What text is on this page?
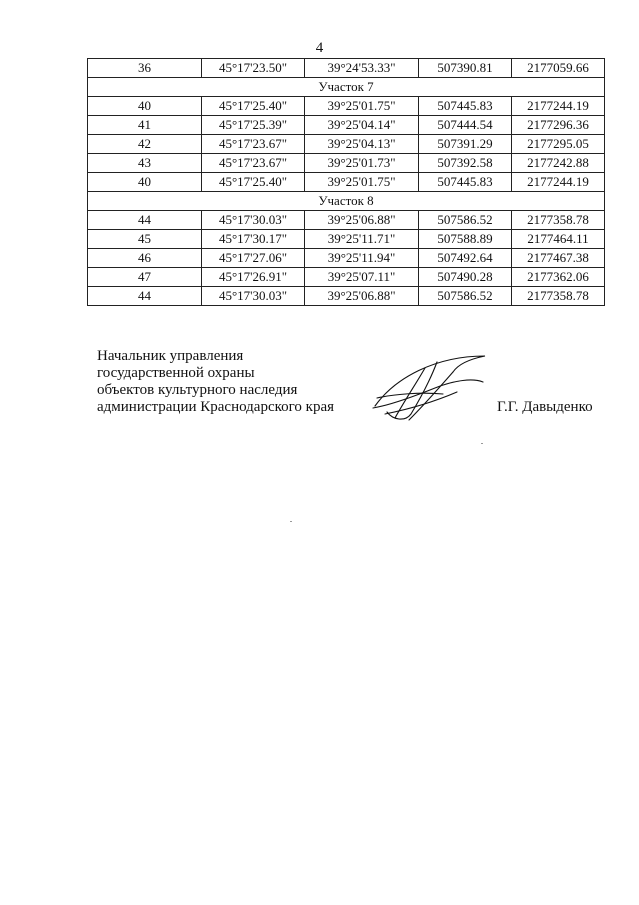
4
36	45°17'23.50"	39°24'53.33"	507390.81	2177059.66
Участок 7				
40	45°17'25.40"	39°25'01.75"	507445.83	2177244.19
41	45°17'25.39"	39°25'04.14"	507444.54	2177296.36
42	45°17'23.67"	39°25'04.13"	507391.29	2177295.05
43	45°17'23.67"	39°25'01.73"	507392.58	2177242.88
40	45°17'25.40"	39°25'01.75"	507445.83	2177244.19
Участок 8				
44	45°17'30.03"	39°25'06.88"	507586.52	2177358.78
45	45°17'30.17"	39°25'11.71"	507588.89	2177464.11
46	45°17'27.06"	39°25'11.94"	507492.64	2177467.38
47	45°17'26.91"	39°25'07.11"	507490.28	2177362.06
44	45°17'30.03"	39°25'06.88"	507586.52	2177358.78
Начальник управления
государственной охраны
объектов культурного наследия
администрации Краснодарского края	Г.Г. Давыденко
